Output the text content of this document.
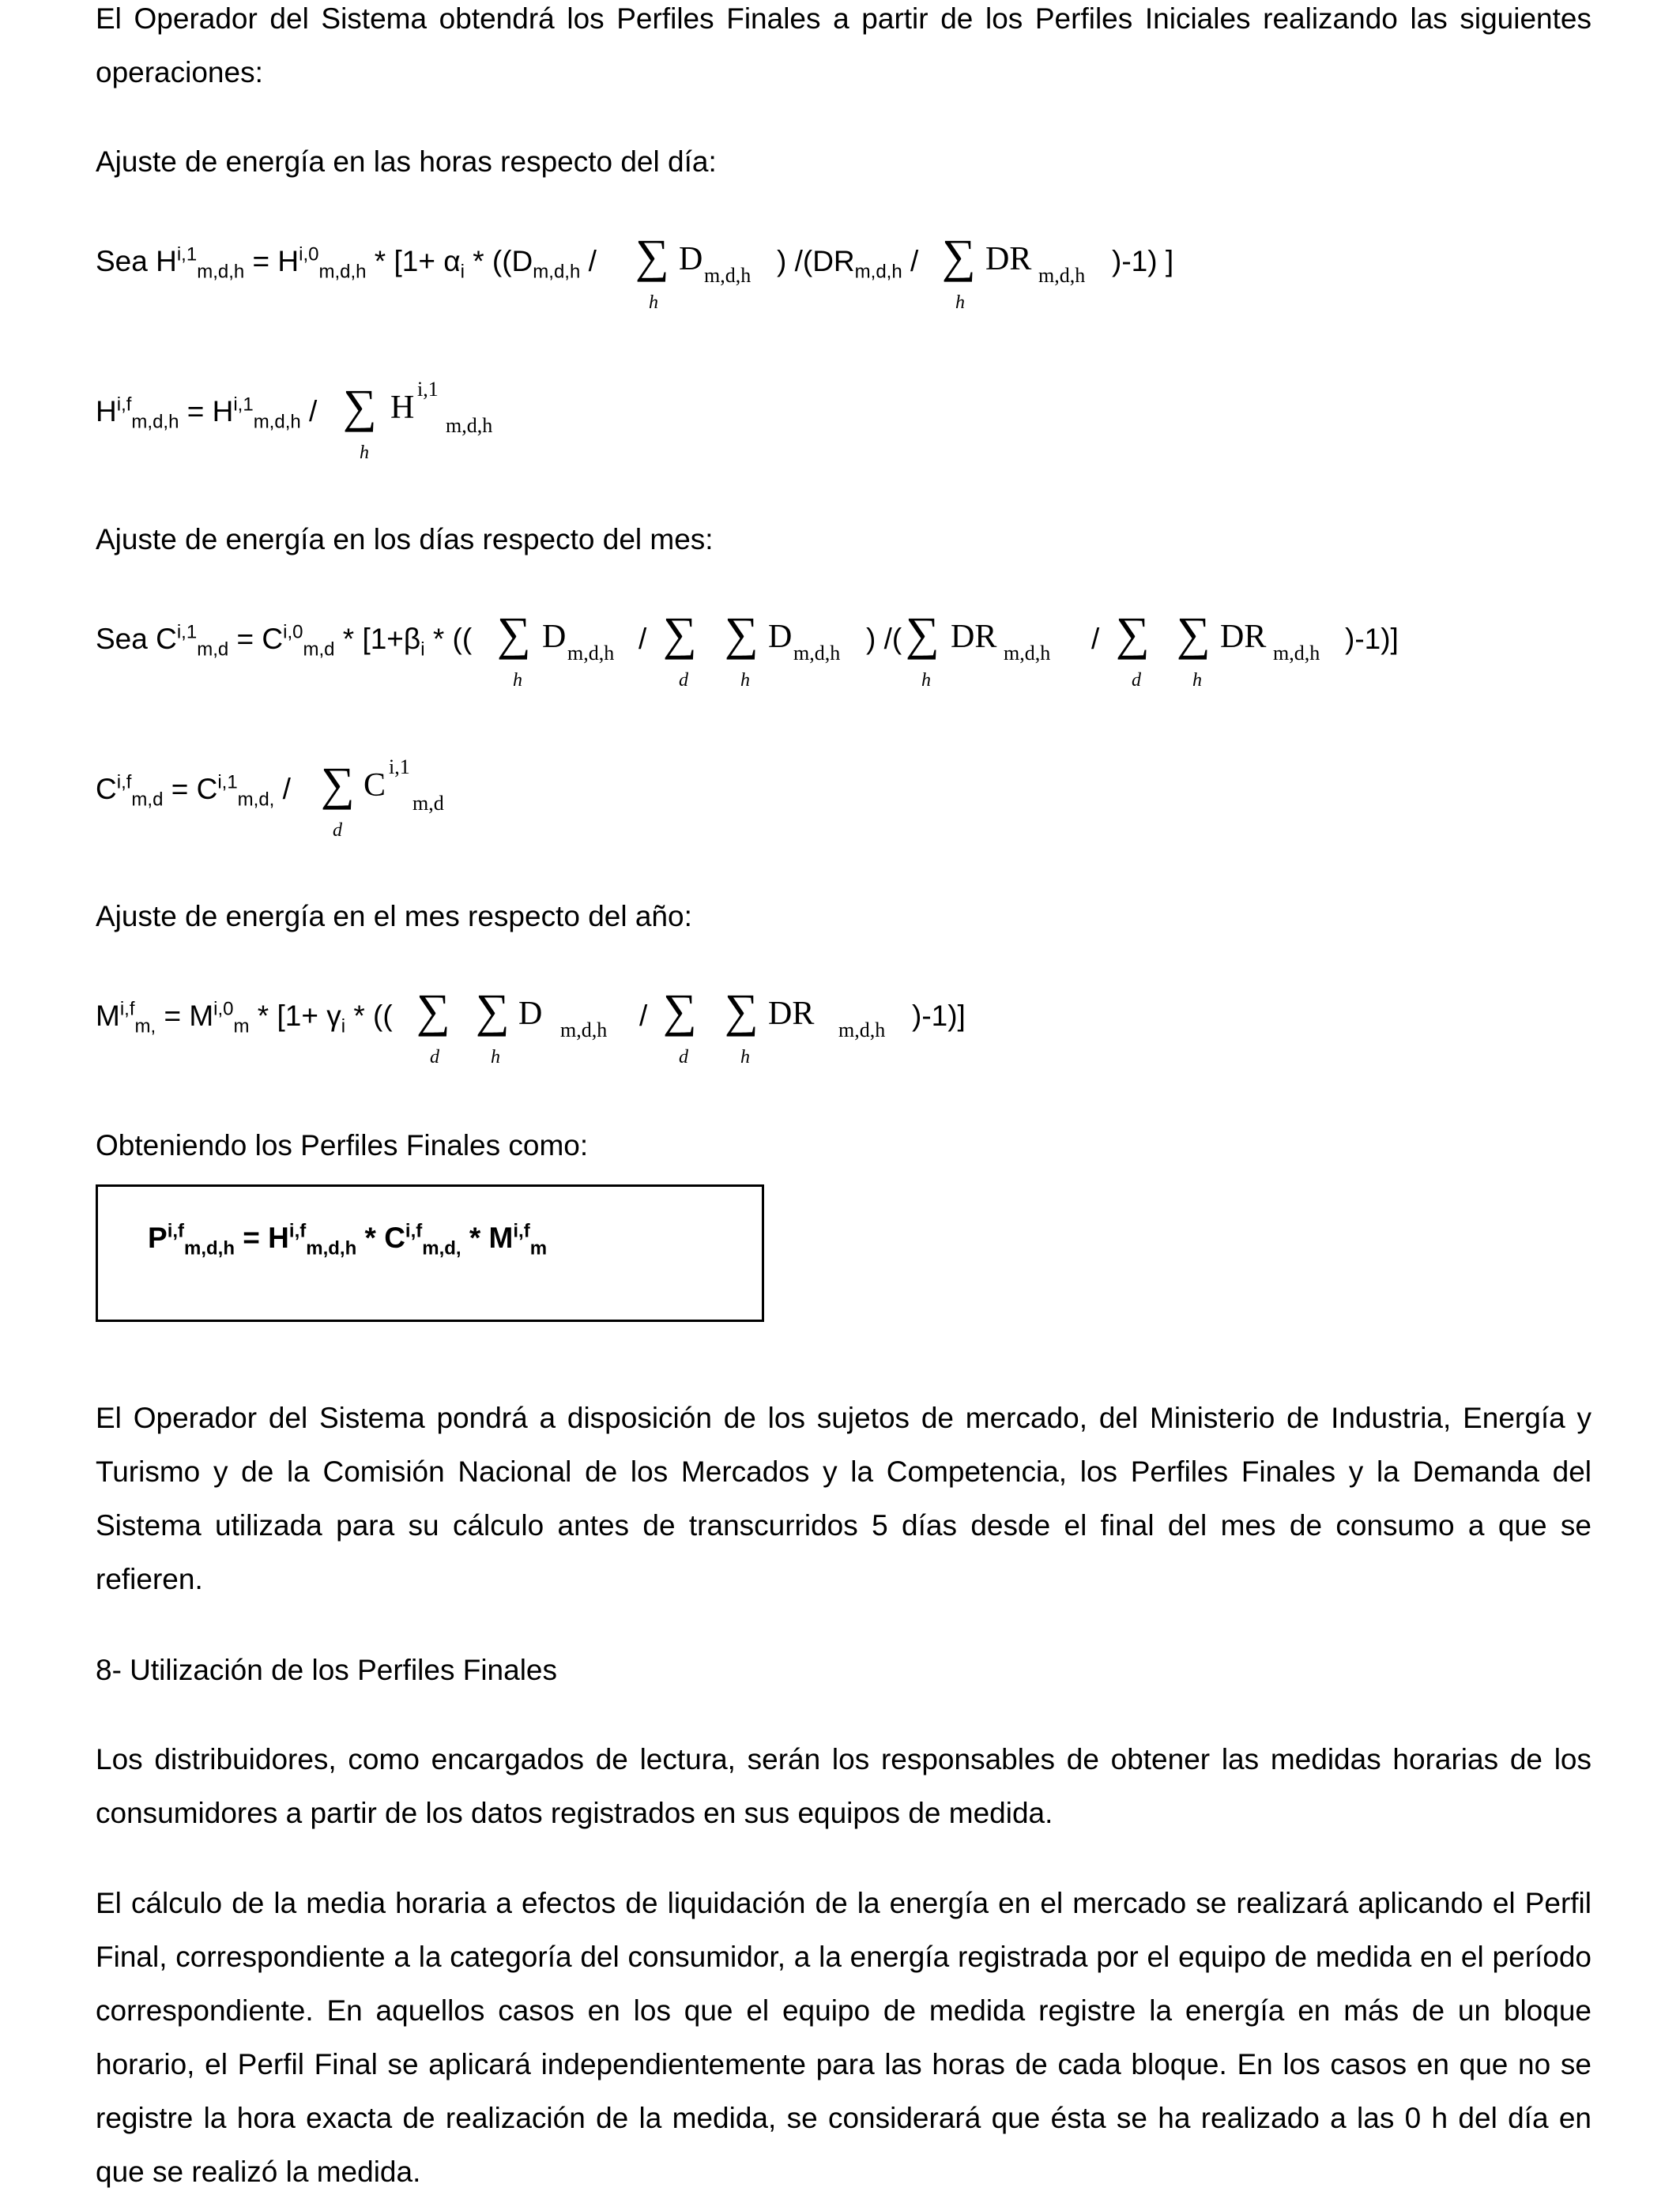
El Operador del Sistema obtendrá los Perfiles Finales a partir de los Perfiles Iniciales realizando las siguientes operaciones:
Ajuste de energía en las horas respecto del día:
Sea $H^{i,1}_{m,d,h} = H^{i,0}_{m,d,h} * [1+ \alpha_i * ((D_{m,d,h}$ / ∑
h
D m,d,h ) $/(DR_{m,d,h}$ / ∑
h
DR m,d,h )-1) ]
H$^{i,f}_{m,d,h}$ = H$^{i,1}_{m,d,h}$ / ∑
h
H
i,1
m,d,h
Ajuste de energía en los días respecto del mes:
Sea $C^{i,1}_{m,d} = C^{i,0}_{m,d} * [1+\beta_i$ * (( ∑
h
D m,d,h / ∑
d
∑
h
D m,d,h ) /( ∑
h
DR m,d,h / ∑
d
∑
h
DR m,d,h )-1)]
C$^{i,f}_{m,d}$ = C$^{i,1}_{m,d,}$ / ∑
d
C
i,1
m,d
Ajuste de energía en el mes respecto del año:
$M^{i,f}_{m,} = M^{i,0}_m * [1+ \gamma_i$ * (( ∑
d
∑
h
D m,d,h / ∑
d
∑
h
DR m,d,h )-1)]
Obteniendo los Perfiles Finales como:
P$^{i,f}_{m,d,h}$ = H$^{i,f}_{m,d,h}$ * C$^{i,f}_{m,d,}$ * M$^{i,f}_m$
El Operador del Sistema pondrá a disposición de los sujetos de mercado, del Ministerio de Industria, Energía y Turismo y de la Comisión Nacional de los Mercados y la Competencia, los Perfiles Finales y la Demanda del Sistema utilizada para su cálculo antes de transcurridos 5 días desde el final del mes de consumo a que se refieren.
8- Utilización de los Perfiles Finales
Los distribuidores, como encargados de lectura, serán los responsables de obtener las medidas horarias de los consumidores a partir de los datos registrados en sus equipos de medida.
El cálculo de la media horaria a efectos de liquidación de la energía en el mercado se realizará aplicando el Perfil Final, correspondiente a la categoría del consumidor, a la energía registrada por el equipo de medida en el período correspondiente. En aquellos casos en los que el equipo de medida registre la energía en más de un bloque horario, el Perfil Final se aplicará independientemente para las horas de cada bloque. En los casos en que no se registre la hora exacta de realización de la medida, se considerará que ésta se ha realizado a las 0 h del día en que se realizó la medida.
